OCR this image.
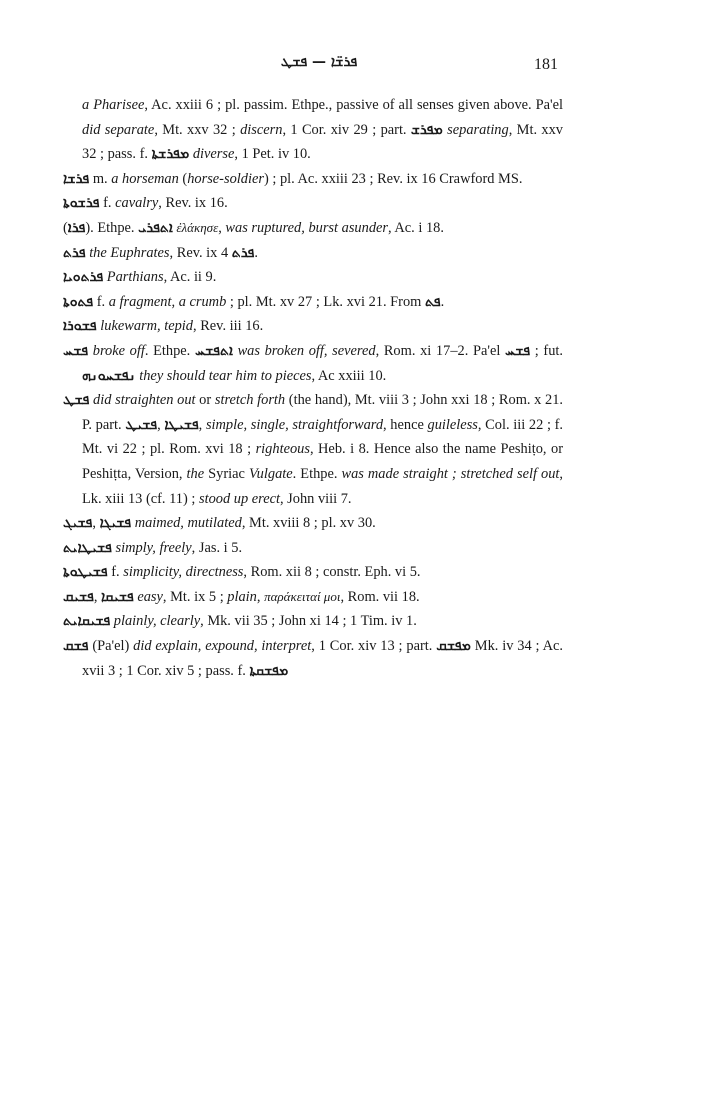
ܦܪܫ̈ܐ — ܦܫܛ	181

a Pharisee, Ac. xxiii 6 ; pl. passim. Ethpe., passive of all senses given above. Pa'el did separate, Mt. xxv 32 ; discern, 1 Cor. xiv 29 ; part. ܡܦܪܫ separating, Mt. xxv 32 ; pass. f. ܡܦܪܫܬܐ diverse, 1 Pet. iv 10.

ܦܪܫܐ m. a horseman (horse-soldier) ; pl. Ac. xxiii 23 ; Rev. ix 16 Crawford MS.

ܦܪܫܘܬܐ f. cavalry, Rev. ix 16.

(ܦܪܐ). Ethpe. ܐܬܦܪܝ ἐλάκησε, was ruptured, burst asunder, Ac. i 18.

ܦܪܬ the Euphrates, Rev. ix 4 ܦܪܬ.

ܦܪܬܘܝܐ Parthians, Ac. ii 9.

ܦܬܘܬܐ f. a fragment, a crumb ; pl. Mt. xv 27 ; Lk. xvi 21. From ܦܬ.

ܦܫܘܪܐ lukewarm, tepid, Rev. iii 16.

ܦܫܚ broke off. Ethpe. ܐܬܦܫܚ was broken off, severed, Rom. xi 17–2. Pa'el ܦܫܚ ; fut. ܢܦܫܚܘܢܗ they should tear him to pieces, Ac xxiii 10.

ܦܫܛ did straighten out or stretch forth (the hand), Mt. viii 3 ; John xxi 18 ; Rom. x 21. P. part. ܦܫܝܛ, ܦܫܝܛܐ, simple, single, straightforward, hence guileless, Col. iii 22 ; f. Mt. vi 22 ; pl. Rom. xvi 18 ; righteous, Heb. i 8. Hence also the name Peshiṭo, or Peshiṭta, Version, the Syriac Vulgate. Ethpe. was made straight ; stretched self out, Lk. xiii 13 (cf. 11) ; stood up erect, John viii 7.

ܦܫܝܓ, ܦܫܝܓܐ maimed, mutilated, Mt. xviii 8 ; pl. xv 30.

ܦܫܝܛܐܝܬ simply, freely, Jas. i 5.

ܦܫܝܛܘܬܐ f. simplicity, directness, Rom. xii 8 ; constr. Eph. vi 5.

ܦܫܝܩ, ܦܫܝܩܐ easy, Mt. ix 5 ; plain, παράκειταί μοι, Rom. vii 18.

ܦܫܝܩܐܝܬ plainly, clearly, Mk. vii 35 ; John xi 14 ; 1 Tim. iv 1.

ܦܫܩ (Pa'el) did explain, expound, interpret, 1 Cor. xiv 13 ; part. ܡܦܫܩ Mk. iv 34 ; Ac. xvii 3 ; 1 Cor. xiv 5 ; pass. f. ܡܦܫܩܬܐ
